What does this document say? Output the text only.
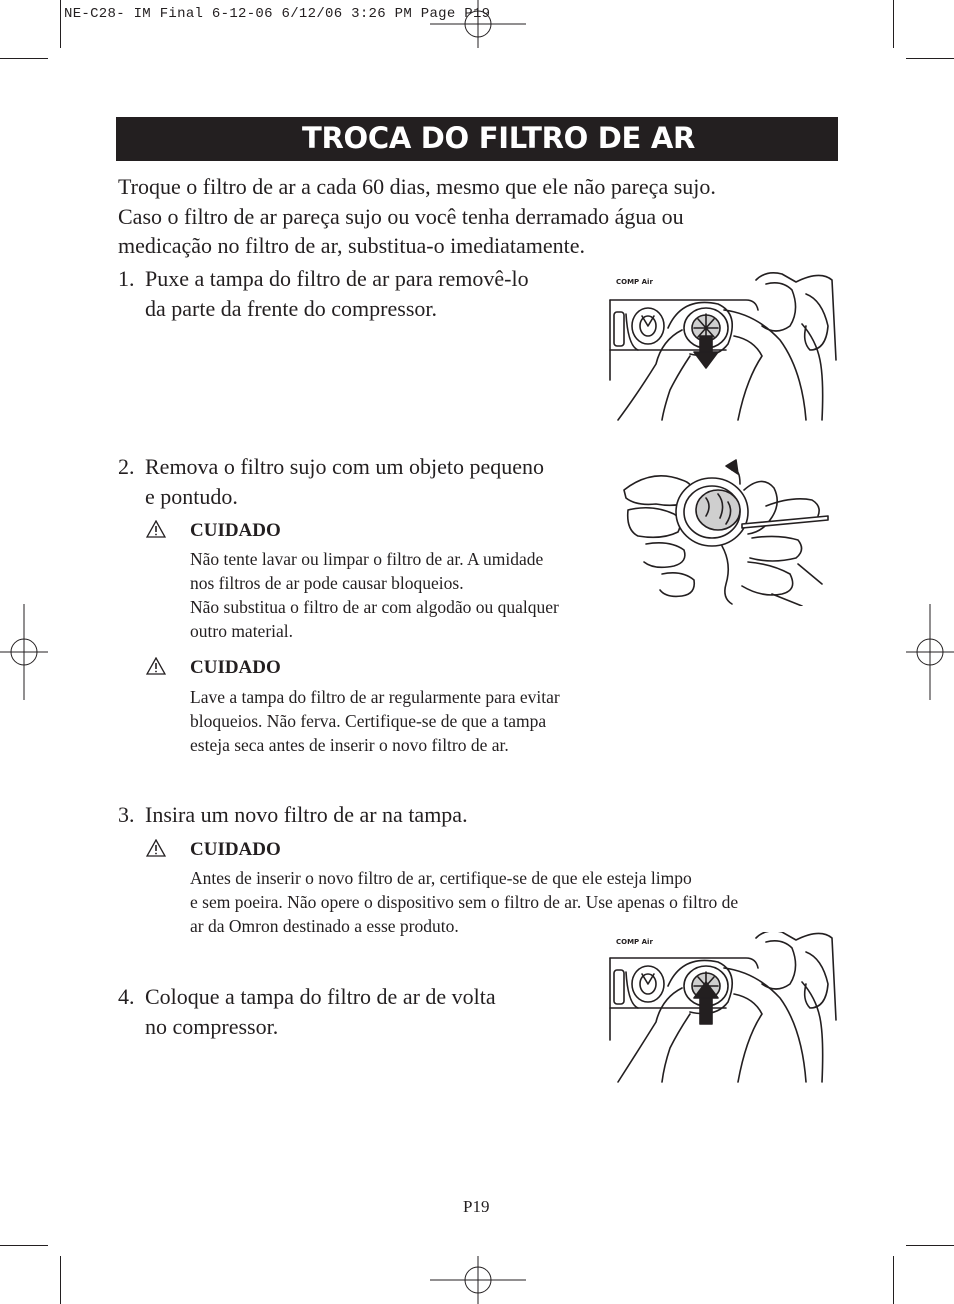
NE-C28- IM Final 6-12-06 6/12/06 3:26 PM Page P19
TROCA DO FILTRO DE AR
Troque o filtro de ar a cada 60 dias, mesmo que ele não pareça sujo.
Caso o filtro de ar pareça sujo ou você tenha derramado água ou
medicação no filtro de ar, substitua-o imediatamente.
1. Puxe a tampa do filtro de ar para removê-lo
da parte da frente do compressor.
COMP Air
2. Remova o filtro sujo com um objeto pequeno
e pontudo.
CUIDADO
Não tente lavar ou limpar o filtro de ar. A umidade
nos filtros de ar pode causar bloqueios.
Não substitua o filtro de ar com algodão ou qualquer
outro material.
CUIDADO
Lave a tampa do filtro de ar regularmente para evitar
bloqueios. Não ferva. Certifique-se de que a tampa
esteja seca antes de inserir o novo filtro de ar.
3. Insira um novo filtro de ar na tampa.
CUIDADO
Antes de inserir o novo filtro de ar, certifique-se de que ele esteja limpo
e sem poeira. Não opere o dispositivo sem o filtro de ar. Use apenas o filtro de
ar da Omron destinado a esse produto.
4. Coloque a tampa do filtro de ar de volta
no compressor.
COMP Air
P19
